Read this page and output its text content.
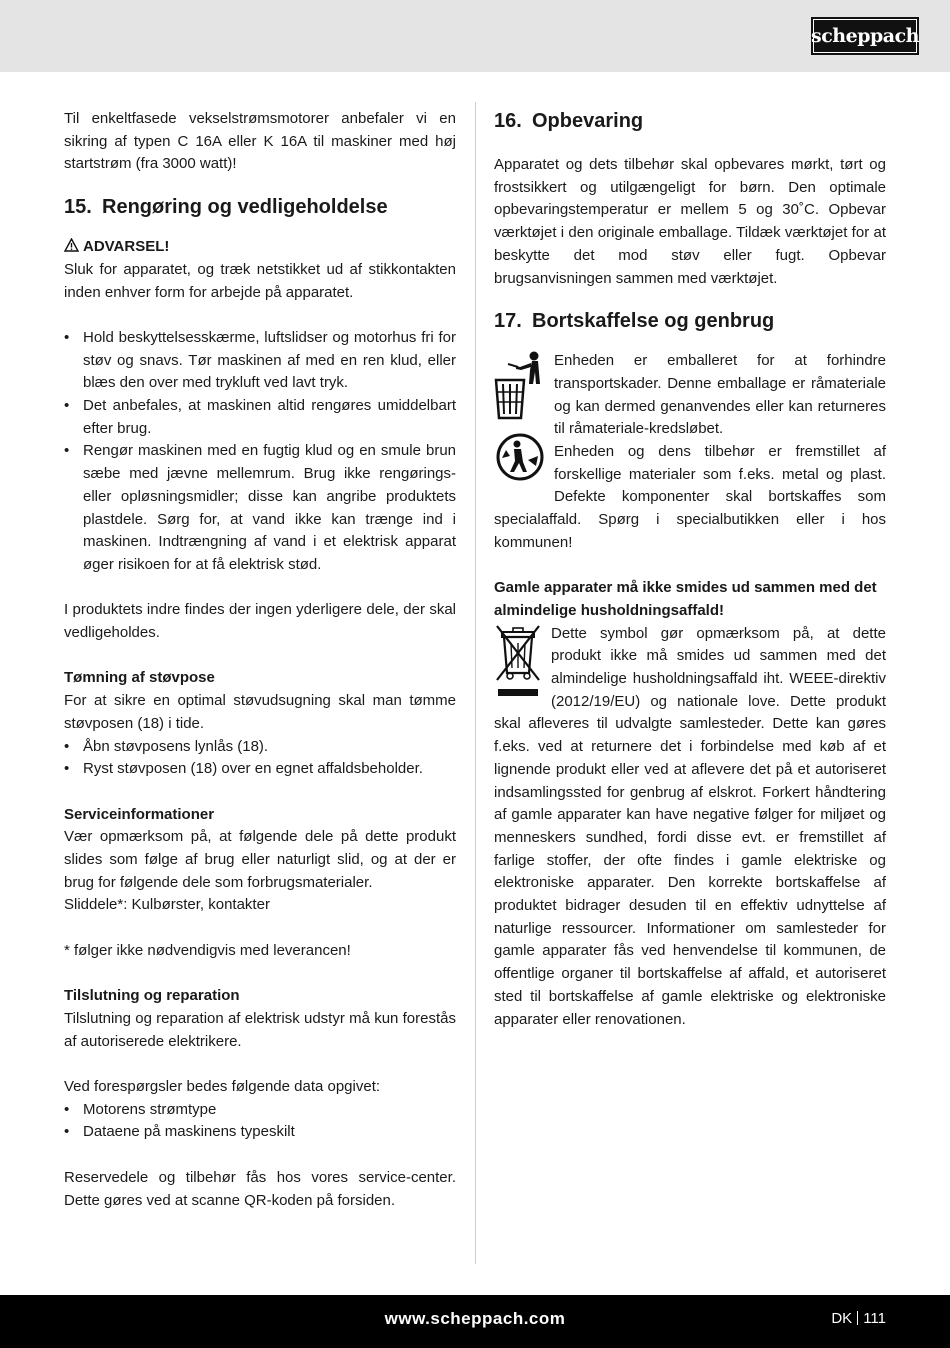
scheppach

Til enkeltfasede vekselstrømsmotorer anbefaler vi en sikring af typen C 16A eller K 16A til maskiner med høj startstrøm (fra 3000 watt)!

15. Rengøring og vedligeholdelse
ADVARSEL!

Sluk for apparatet, og træk netstikket ud af stikkontakten inden enhver form for arbejde på apparatet.

• Hold beskyttelsesskærme, luftslidser og motorhus fri for støv og snavs. Tør maskinen af med en ren klud, eller blæs den over med trykluft ved lavt tryk.
• Det anbefales, at maskinen altid rengøres umiddelbart efter brug.
• Rengør maskinen med en fugtig klud og en smule brun sæbe med jævne mellemrum. Brug ikke rengørings- eller opløsningsmidler; disse kan angribe produktets plastdele. Sørg for, at vand ikke kan trænge ind i maskinen. Indtrængning af vand i et elektrisk apparat øger risikoen for at få elektrisk stød.

I produktets indre findes der ingen yderligere dele, der skal vedligeholdes.

Tømning af støvpose

For at sikre en optimal støvudsugning skal man tømme støvposen (18) i tide.

• Åbn støvposens lynlås (18).
• Ryst støvposen (18) over en egnet affaldsbeholder.
Serviceinformationer

Vær opmærksom på, at følgende dele på dette produkt slides som følge af brug eller naturligt slid, og at der er brug for følgende dele som forbrugsmaterialer.

Sliddele*: Kulbørster, kontakter

* følger ikke nødvendigvis med leverancen!

Tilslutning og reparation

Tilslutning og reparation af elektrisk udstyr må kun forestås af autoriserede elektrikere.

Ved forespørgsler bedes følgende data opgivet:

• Motorens strømtype
• Dataene på maskinens typeskilt

Reservedele og tilbehør fås hos vores service-center. Dette gøres ved at scanne QR-koden på forsiden.

16. Opbevaring

Apparatet og dets tilbehør skal opbevares mørkt, tørt og frostsikkert og utilgængeligt for børn. Den optimale opbevaringstemperatur er mellem 5 og 30˚C. Opbevar værktøjet i den originale emballage. Tildæk værktøjet for at beskytte det mod støv eller fugt. Opbevar brugsanvisningen sammen med værktøjet.

17. Bortskaffelse og genbrug

Enheden er emballeret for at forhindre transportskader. Denne emballage er råmateriale og kan dermed genanvendes eller kan returneres til råmateriale-kredsløbet.

Enheden og dens tilbehør er fremstillet af forskellige materialer som f.eks. metal og plast. Defekte komponenter skal bortskaffes som specialaffald. Spørg i specialbutikken eller i hos kommunen!

Gamle apparater må ikke smides ud sammen med det almindelige husholdningsaffald!

Dette symbol gør opmærksom på, at dette produkt ikke må smides ud sammen med det almindelige husholdningsaffald iht. WEEE-direktiv (2012/19/EU) og nationale love. Dette produkt skal afleveres til udvalgte samlesteder. Dette kan gøres f.eks. ved at returnere det i forbindelse med køb af et lignende produkt eller ved at aflevere det på et autoriseret indsamlingssted for genbrug af elskrot. Forkert håndtering af gamle apparater kan have negative følger for miljøet og menneskers sundhed, fordi disse evt. er fremstillet af farlige stoffer, der ofte findes i gamle elektriske og elektroniske apparater. Den korrekte bortskaffelse af produktet bidrager desuden til en effektiv udnyttelse af naturlige ressourcer. Informationer om samlesteder for gamle apparater fås ved henvendelse til kommunen, de offentlige organer til bortskaffelse af affald, et autoriseret sted til bortskaffelse af gamle elektriske og elektroniske apparater eller renovationen.

www.scheppach.com	DK 111
